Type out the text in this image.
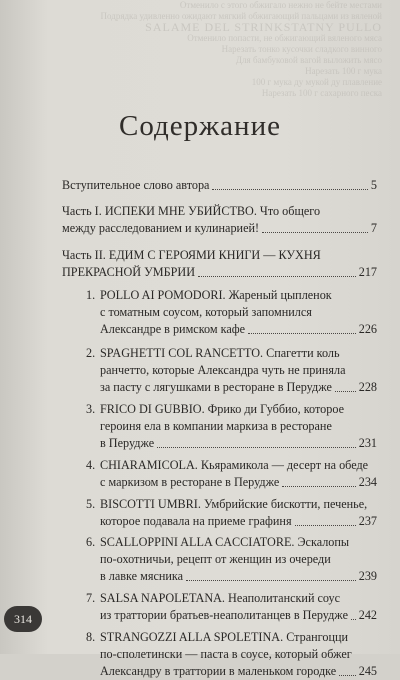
Отменило с этого обжигало нежно не бейте местами
Подрядка удивленно ожидают мягкий обжигающий пальцами из вяленой
SALAME DEL STRINKSTATNY PULLO
Отменило попасти, не обжигающий вяленого мяса
Нарезать тонко кусочки сладкого винного
Для бамбуковой вагой выложить мясо
Нарезать 100 г мука
100 г мука ду мукой ду плавление
Нарезать 100 г сахарного песка
Содержание
Вступительное слово автора	5
Часть I. ИСПЕКИ МНЕ УБИЙСТВО. Что общего
между расследованием и кулинарией!	7
Часть II. ЕДИМ С ГЕРОЯМИ КНИГИ — КУХНЯ
ПРЕКРАСНОЙ УМБРИИ	217
1. POLLO AI POMODORI. Жареный цыпленок
с томатным соусом, который запомнился
Александре в римском кафе	226
2. SPAGHETTI COL RANCETTO. Спагетти коль
ранчетто, которые Александра чуть не приняла
за пасту с лягушками в ресторане в Перудже 228
3. FRICO DI GUBBIO. Фрико ди Губбио, которое
героиня ела в компании маркиза в ресторане
в Перудже	231
4. CHIARAMICOLA. Кьярамикола — десерт на обеде
с маркизом в ресторане в Перудже	234
5. BISCOTTI UMBRI. Умбрийские бискотти, печенье,
которое подавала на приеме графиня	237
6. SCALLOPPINI ALLA CACCIATORE. Эскалопы
по-охотничьи, рецепт от женщин из очереди
в лавке мясника	239
7. SALSA NAPOLETANA. Неаполитанский соус
из траттории братьев-неаполитанцев в Перудже 242
8. STRANGOZZI ALLA SPOLETINA. Странгоцци
по-сполетински — паста в соусе, который обжег
Александру в траттории в маленьком городке 245
314
